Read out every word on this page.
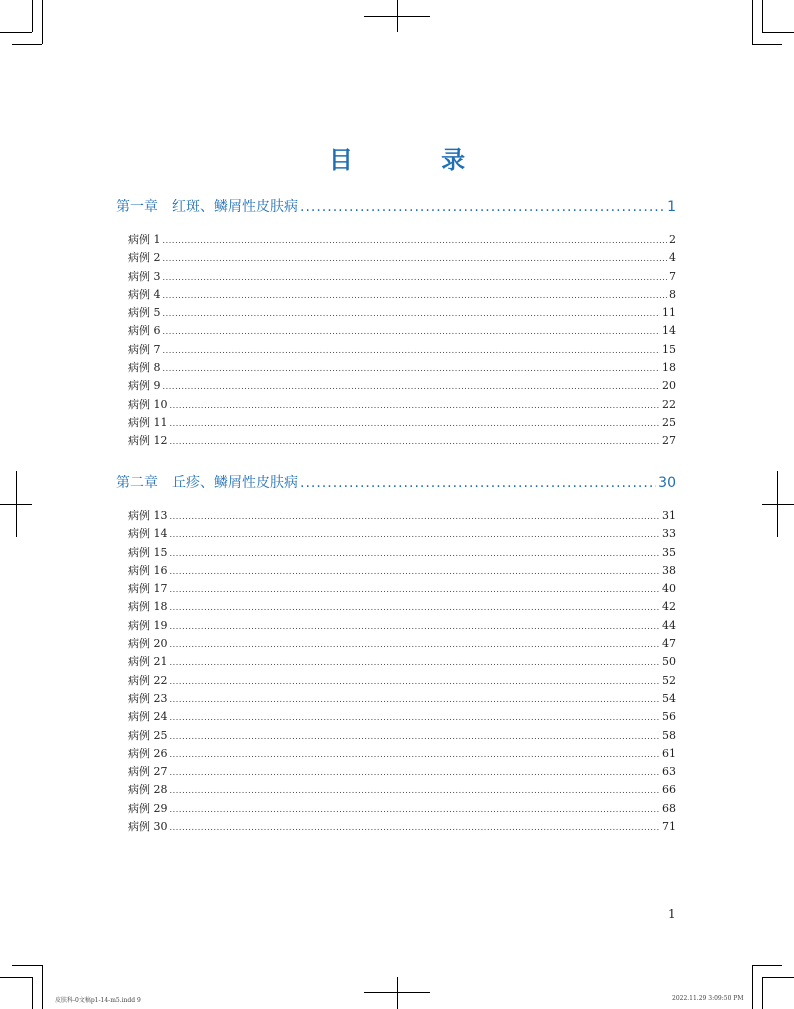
目 录
第一章 红斑、鳞屑性皮肤病 .....	1
病例 1 .....	2
病例 2 .....	4
病例 3 .....	7
病例 4 .....	8
病例 5 .....	11
病例 6 .....	14
病例 7 .....	15
病例 8 .....	18
病例 9 .....	20
病例 10 .....	22
病例 11 .....	25
病例 12 .....	27
第二章 丘疹、鳞屑性皮肤病 .....	30
病例 13 .....	31
病例 14 .....	33
病例 15 .....	35
病例 16 .....	38
病例 17 .....	40
病例 18 .....	42
病例 19 .....	44
病例 20 .....	47
病例 21 .....	50
病例 22 .....	52
病例 23 .....	54
病例 24 .....	56
病例 25 .....	58
病例 26 .....	61
病例 27 .....	63
病例 28 .....	66
病例 29 .....	68
病例 30 .....	71
1
皮肤科-0文稿p1-14-m5.indd 9	2022.11.29 3:09:50 PM
